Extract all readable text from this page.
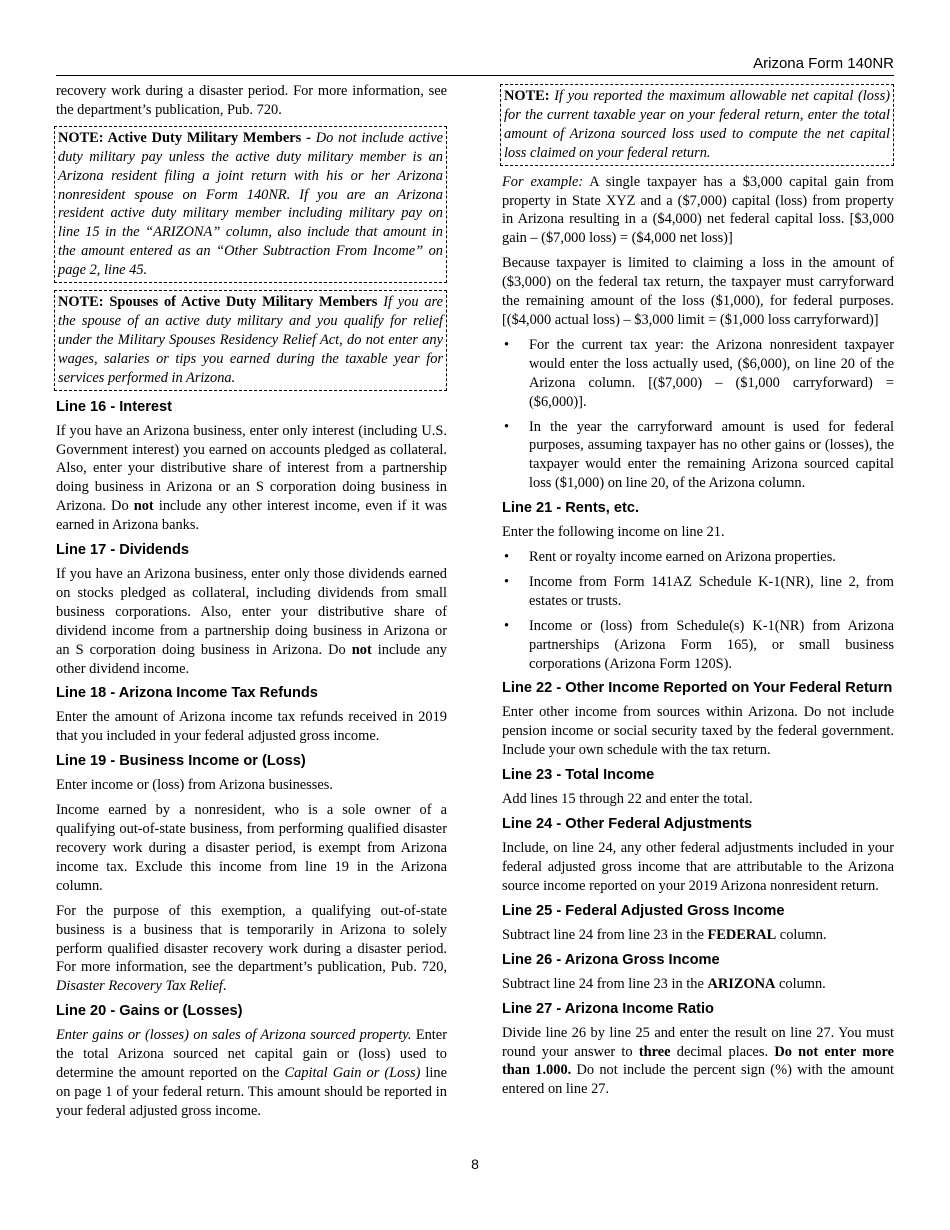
Arizona Form 140NR

recovery work during a disaster period. For more information, see the department’s publication, Pub. 720.

NOTE: Active Duty Military Members - Do not include active duty military pay unless the active duty military member is an Arizona resident filing a joint return with his or her Arizona nonresident spouse on Form 140NR. If you are an Arizona resident active duty military member including military pay on line 15 in the “ARIZONA” column, also include that amount in the amount entered as an “Other Subtraction From Income” on page 2, line 45.

NOTE: Spouses of Active Duty Military Members If you are the spouse of an active duty military and you qualify for relief under the Military Spouses Residency Relief Act, do not enter any wages, salaries or tips you earned during the taxable year for services performed in Arizona.

Line 16 - Interest

If you have an Arizona business, enter only interest (including U.S. Government interest) you earned on accounts pledged as collateral. Also, enter your distributive share of interest from a partnership doing business in Arizona or an S corporation doing business in Arizona. Do not include any other interest income, even if it was earned in Arizona banks.

Line 17 - Dividends

If you have an Arizona business, enter only those dividends earned on stocks pledged as collateral, including dividends from small business corporations. Also, enter your distributive share of dividend income from a partnership doing business in Arizona or an S corporation doing business in Arizona. Do not include any other dividend income.

Line 18 - Arizona Income Tax Refunds

Enter the amount of Arizona income tax refunds received in 2019 that you included in your federal adjusted gross income.

Line 19 - Business Income or (Loss)

Enter income or (loss) from Arizona businesses.

Income earned by a nonresident, who is a sole owner of a qualifying out-of-state business, from performing qualified disaster recovery work during a disaster period, is exempt from Arizona income tax. Exclude this income from line 19 in the Arizona column.

For the purpose of this exemption, a qualifying out-of-state business is a business that is temporarily in Arizona to solely perform qualified disaster recovery work during a disaster period. For more information, see the department’s publication, Pub. 720, Disaster Recovery Tax Relief.

Line 20 - Gains or (Losses)

Enter gains or (losses) on sales of Arizona sourced property. Enter the total Arizona sourced net capital gain or (loss) used to determine the amount reported on the Capital Gain or (Loss) line on page 1 of your federal return. This amount should be reported in your federal adjusted gross income.

NOTE: If you reported the maximum allowable net capital (loss) for the current taxable year on your federal return, enter the total amount of Arizona sourced loss used to compute the net capital loss claimed on your federal return.

For example: A single taxpayer has a $3,000 capital gain from property in State XYZ and a ($7,000) capital (loss) from property in Arizona resulting in a ($4,000) net federal capital loss. [$3,000 gain – ($7,000 loss) = ($4,000 net loss)]

Because taxpayer is limited to claiming a loss in the amount of ($3,000) on the federal tax return, the taxpayer must carryforward the remaining amount of the loss ($1,000), for federal purposes. [($4,000 actual loss) – $3,000 limit = ($1,000 loss carryforward)]

• For the current tax year: the Arizona nonresident taxpayer would enter the loss actually used, ($6,000), on line 20 of the Arizona column. [($7,000) – ($1,000 carryforward) = ($6,000)].
• In the year the carryforward amount is used for federal purposes, assuming taxpayer has no other gains or (losses), the taxpayer would enter the remaining Arizona sourced capital loss ($1,000) on line 20, of the Arizona column.
Line 21 - Rents, etc.

Enter the following income on line 21.

• Rent or royalty income earned on Arizona properties.
• Income from Form 141AZ Schedule K-1(NR), line 2, from estates or trusts.
• Income or (loss) from Schedule(s) K-1(NR) from Arizona partnerships (Arizona Form 165), or small business corporations (Arizona Form 120S).
Line 22 - Other Income Reported on Your Federal Return

Enter other income from sources within Arizona. Do not include pension income or social security taxed by the federal government. Include your own schedule with the tax return.

Line 23 - Total Income

Add lines 15 through 22 and enter the total.

Line 24 - Other Federal Adjustments

Include, on line 24, any other federal adjustments included in your federal adjusted gross income that are attributable to the Arizona source income reported on your 2019 Arizona nonresident return.

Line 25 - Federal Adjusted Gross Income

Subtract line 24 from line 23 in the FEDERAL column.

Line 26 - Arizona Gross Income

Subtract line 24 from line 23 in the ARIZONA column.

Line 27 - Arizona Income Ratio

Divide line 26 by line 25 and enter the result on line 27. You must round your answer to three decimal places. Do not enter more than 1.000. Do not include the percent sign (%) with the amount entered on line 27.

8
